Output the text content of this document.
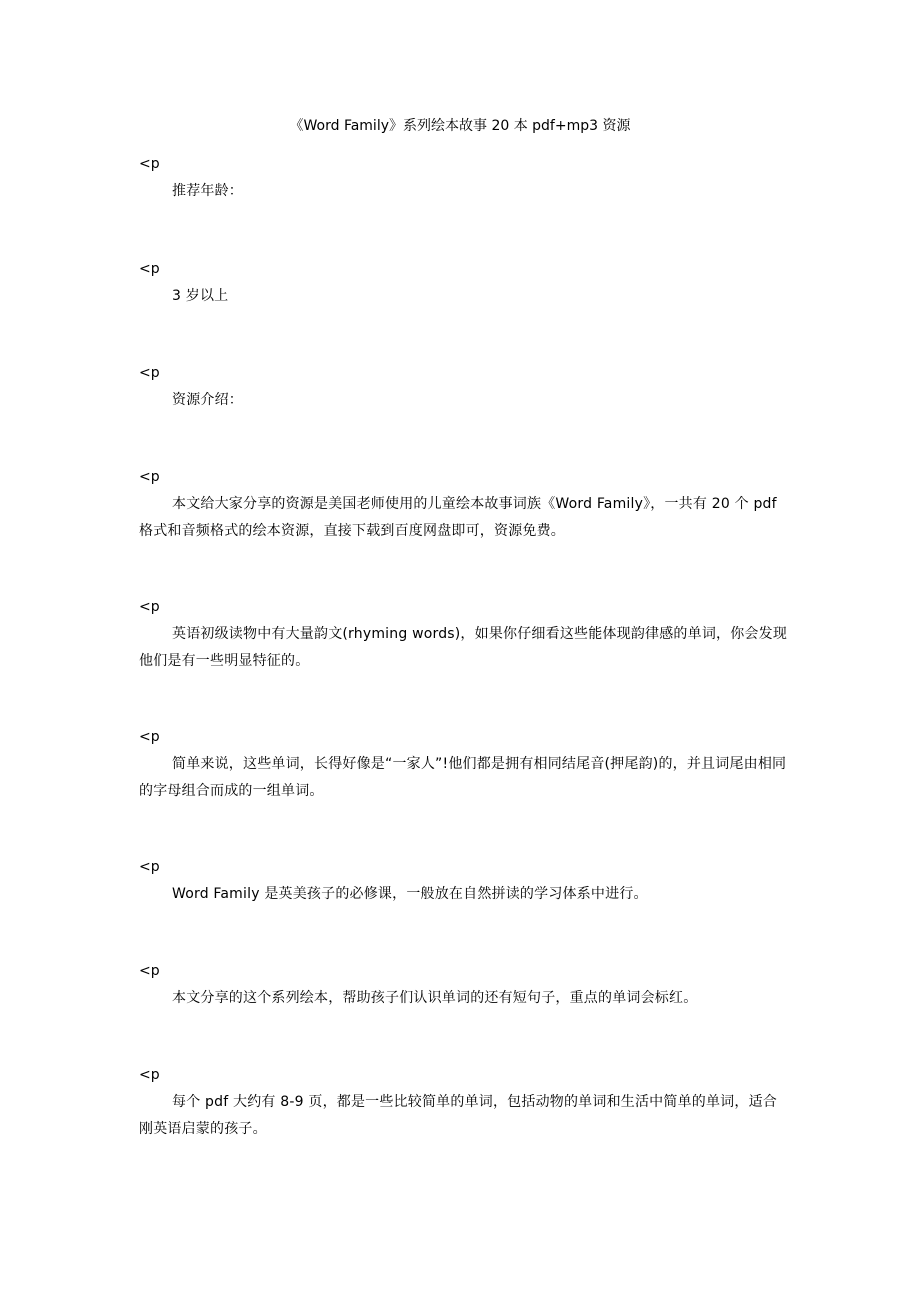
《Word Family》系列绘本故事 20 本 pdf+mp3 资源
<p
推荐年龄：
<p
3 岁以上
<p
资源介绍：
<p
本文给大家分享的资源是美国老师使用的儿童绘本故事词族《Word Family》，一共有 20 个 pdf 格式和音频格式的绘本资源，直接下载到百度网盘即可，资源免费。
<p
英语初级读物中有大量韵文(rhyming words)，如果你仔细看这些能体现韵律感的单词，你会发现他们是有一些明显特征的。
<p
简单来说，这些单词，长得好像是“一家人”!他们都是拥有相同结尾音(押尾韵)的，并且词尾由相同的字母组合而成的一组单词。
<p
Word Family 是英美孩子的必修课，一般放在自然拼读的学习体系中进行。
<p
本文分享的这个系列绘本，帮助孩子们认识单词的还有短句子，重点的单词会标红。
<p
每个 pdf 大约有 8-9 页，都是一些比较简单的单词，包括动物的单词和生活中简单的单词，适合刚英语启蒙的孩子。
